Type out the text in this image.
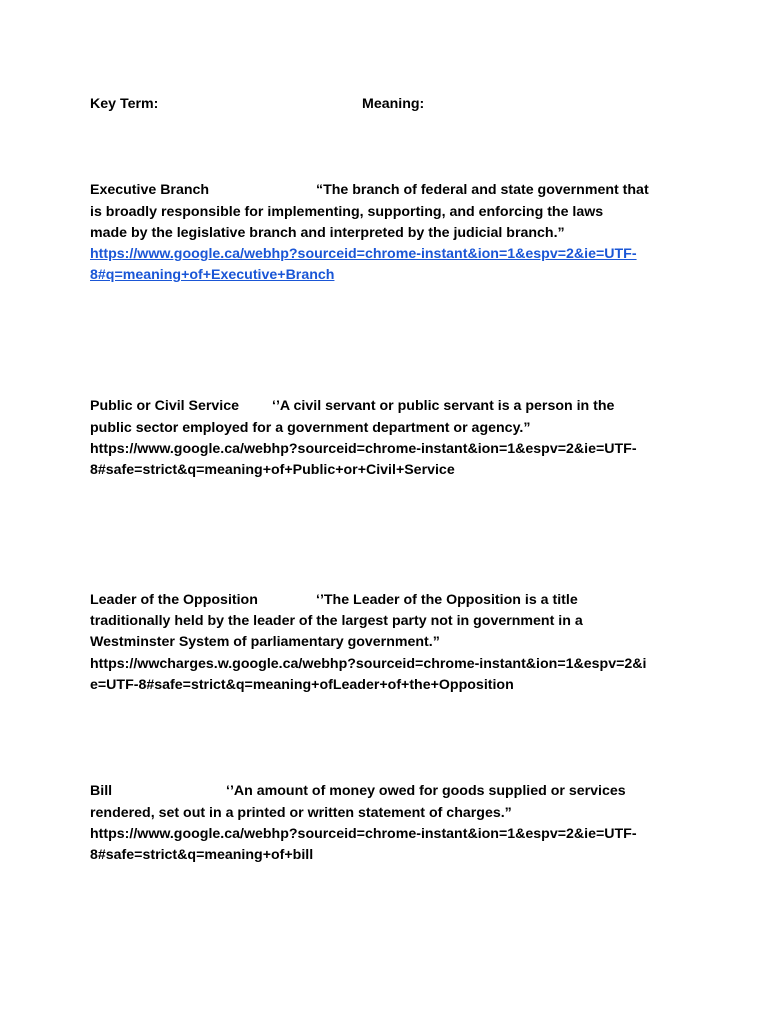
Key Term:	Meaning:
Executive Branch	“The branch of federal and state government that
is broadly responsible for implementing, supporting, and enforcing the laws
made by the legislative branch and interpreted by the judicial branch.”
https://www.google.ca/webhp?sourceid=chrome-instant&ion=1&espv=2&ie=UTF-
8#q=meaning+of+Executive+Branch
Public or Civil Service ‘’A civil servant or public servant is a person in the
public sector employed for a government department or agency.”
https://www.google.ca/webhp?sourceid=chrome-instant&ion=1&espv=2&ie=UTF-
8#safe=strict&q=meaning+of+Public+or+Civil+Service
Leader of the Opposition	‘’The Leader of the Opposition is a title
traditionally held by the leader of the largest party not in government in a
Westminster System of parliamentary government.”
https://wwcharges.w.google.ca/webhp?sourceid=chrome-instant&ion=1&espv=2&i
e=UTF-8#safe=strict&q=meaning+ofLeader+of+the+Opposition
Bill	‘’An amount of money owed for goods supplied or services
rendered, set out in a printed or written statement of charges.”
https://www.google.ca/webhp?sourceid=chrome-instant&ion=1&espv=2&ie=UTF-
8#safe=strict&q=meaning+of+bill
